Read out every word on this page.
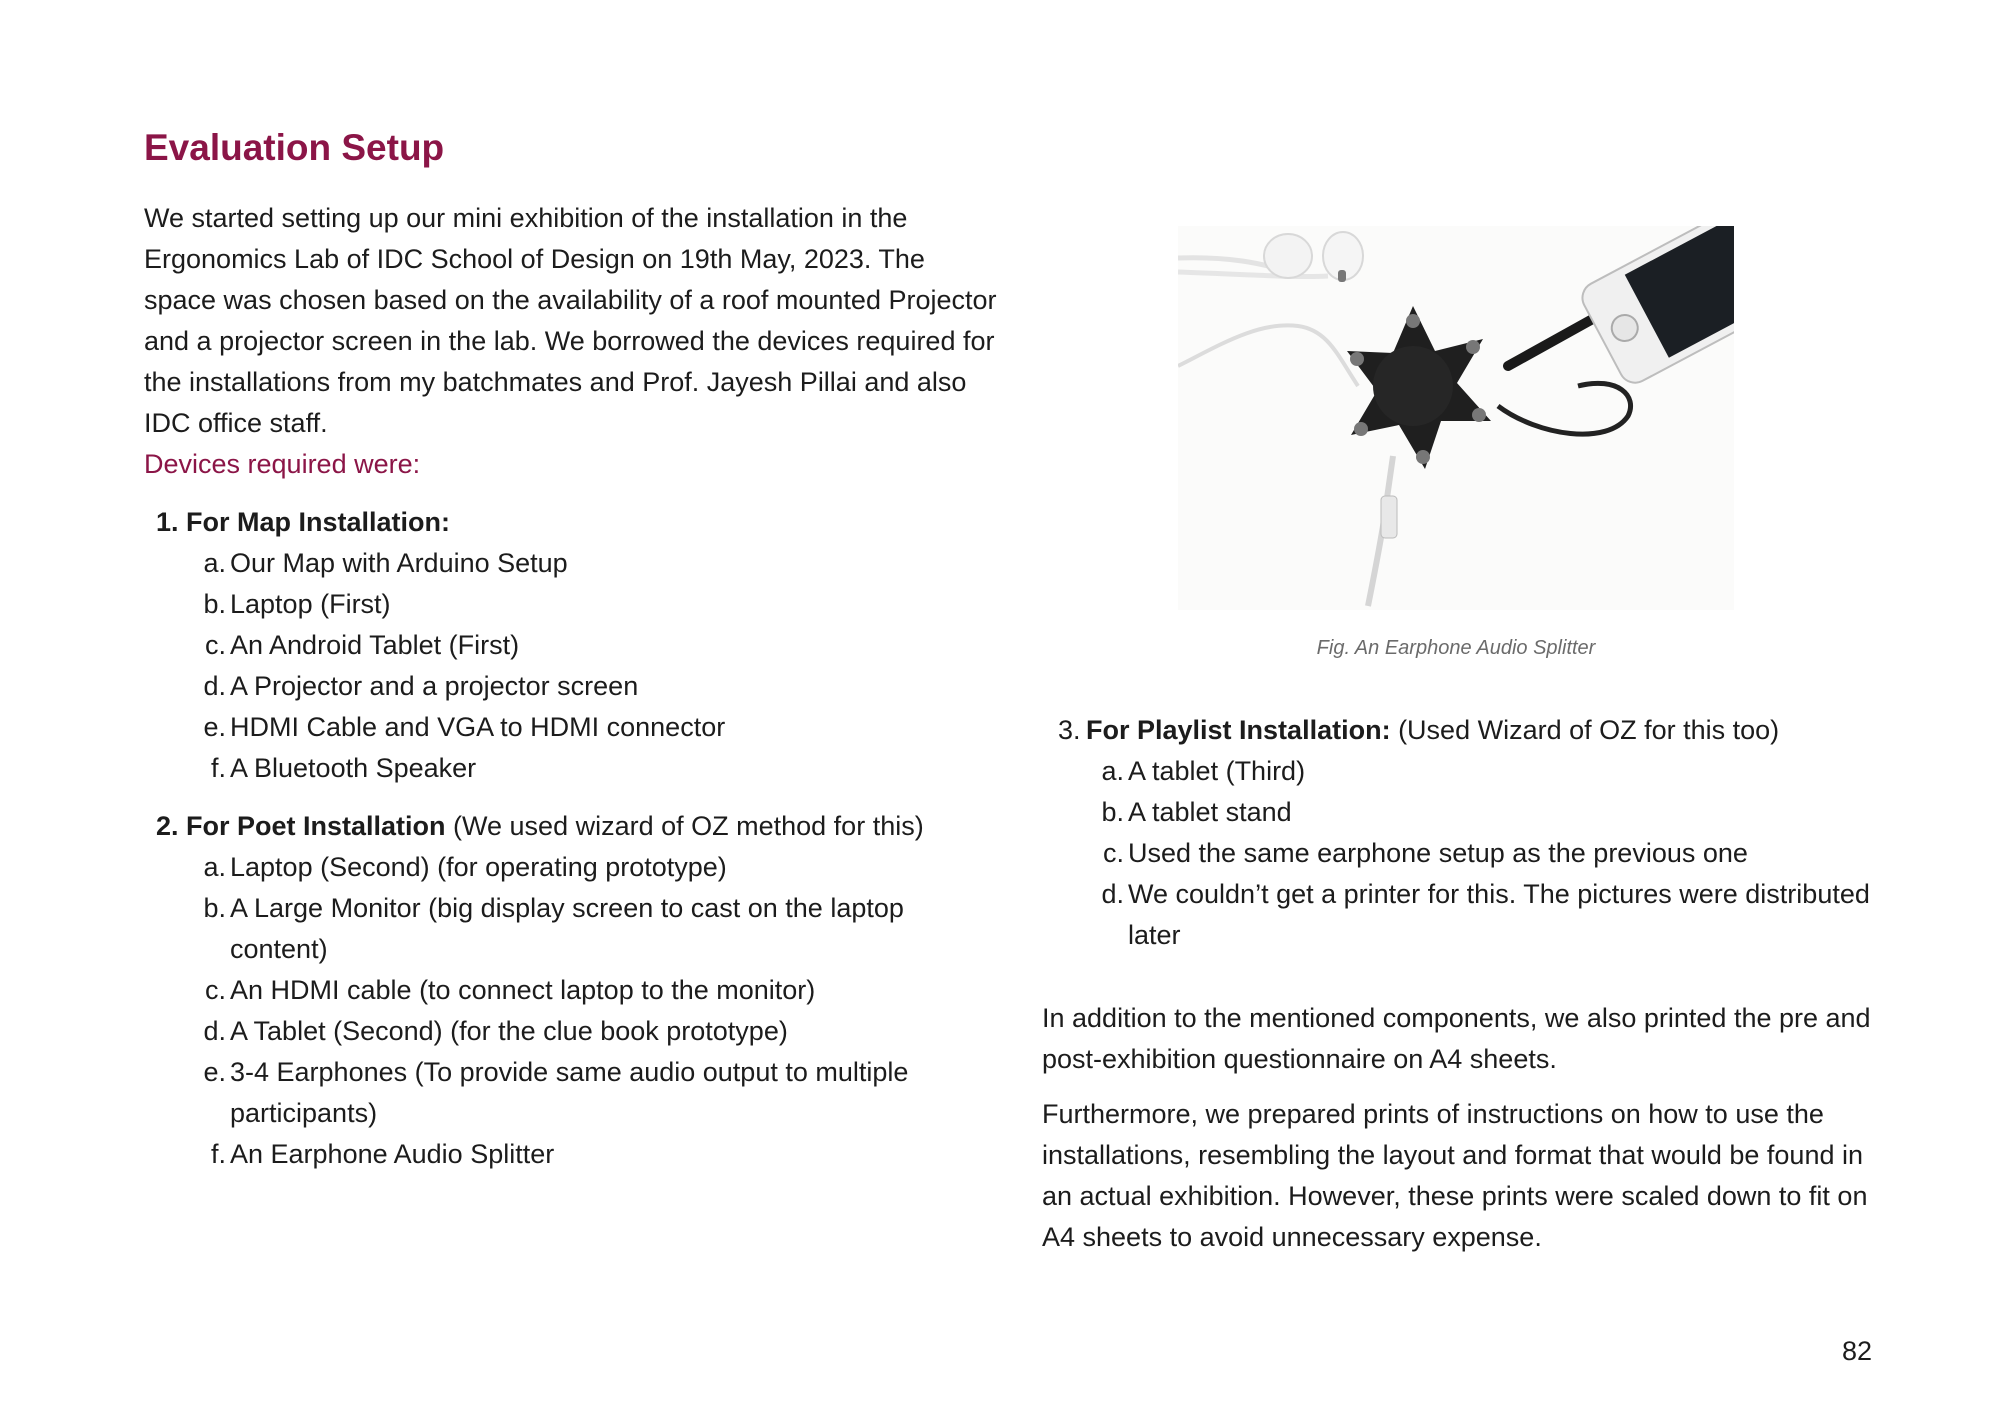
Evaluation Setup

We started setting up our mini exhibition of the installation in the Ergonomics Lab of IDC School of Design on 19th May, 2023. The space was chosen based on the availability of a roof mounted Projector and a projector screen in the lab. We borrowed the devices required for the installations from my batchmates and Prof. Jayesh Pillai and also IDC office staff.

Devices required were:

1. For Map Installation:
a. Our Map with Arduino Setup
b. Laptop (First)
c. An Android Tablet (First)
d. A Projector and a projector screen
e. HDMI Cable and VGA to HDMI connector
f. A Bluetooth Speaker
2. For Poet Installation (We used wizard of OZ method for this)
a. Laptop (Second) (for operating prototype)
b. A Large Monitor (big display screen to cast on the laptop content)
c. An HDMI cable (to connect laptop to the monitor)
d. A Tablet (Second) (for the clue book prototype)
e. 3-4 Earphones (To provide same audio output to multiple participants)
f. An Earphone Audio Splitter
Fig. An Earphone Audio Splitter
3. For Playlist Installation: (Used Wizard of OZ for this too)
a. A tablet (Third)
b. A tablet stand
c. Used the same earphone setup as the previous one
d. We couldn’t get a printer for this. The pictures were distributed later

In addition to the mentioned components, we also printed the pre and post-exhibition questionnaire on A4 sheets.

Furthermore, we prepared prints of instructions on how to use the installations, resembling the layout and format that would be found in an actual exhibition. However, these prints were scaled down to fit on A4 sheets to avoid unnecessary expense.

82
